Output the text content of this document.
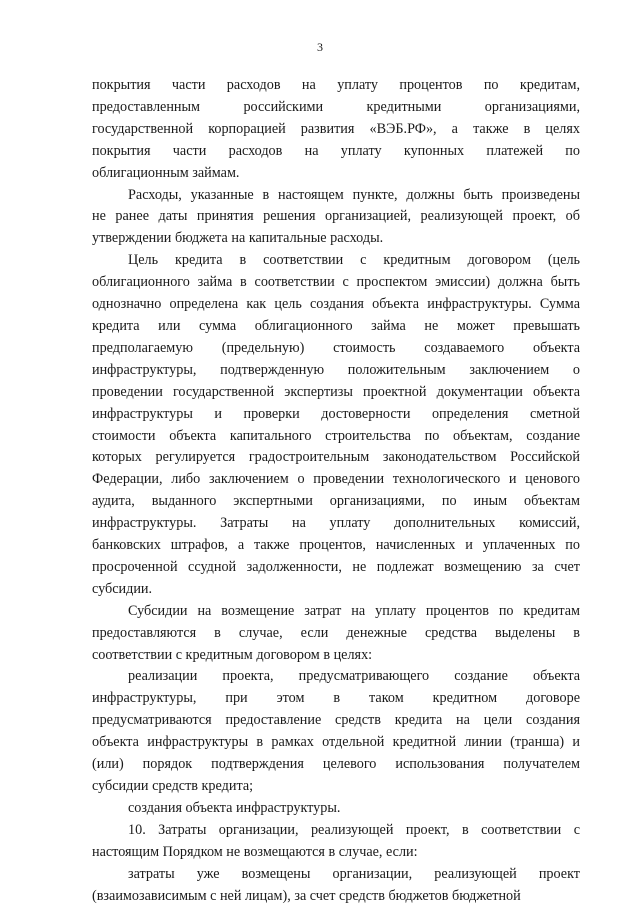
3
покрытия части расходов на уплату процентов по кредитам,
предоставленным российскими кредитными организациями,
государственной корпорацией развития «ВЭБ.РФ», а также в целях
покрытия части расходов на уплату купонных платежей по
облигационным займам.
Расходы, указанные в настоящем пункте, должны быть произведены
не ранее даты принятия решения организацией, реализующей проект, об
утверждении бюджета на капитальные расходы.
Цель кредита в соответствии с кредитным договором (цель
облигационного займа в соответствии с проспектом эмиссии) должна быть
однозначно определена как цель создания объекта инфраструктуры. Сумма
кредита или сумма облигационного займа не может превышать
предполагаемую (предельную) стоимость создаваемого объекта
инфраструктуры, подтвержденную положительным заключением о
проведении государственной экспертизы проектной документации объекта
инфраструктуры и проверки достоверности определения сметной
стоимости объекта капитального строительства по объектам, создание
которых регулируется градостроительным законодательством Российской
Федерации, либо заключением о проведении технологического и ценового
аудита, выданного экспертными организациями, по иным объектам
инфраструктуры. Затраты на уплату дополнительных комиссий,
банковских штрафов, а также процентов, начисленных и уплаченных по
просроченной ссудной задолженности, не подлежат возмещению за счет
субсидии.
Субсидии на возмещение затрат на уплату процентов по кредитам
предоставляются в случае, если денежные средства выделены в
соответствии с кредитным договором в целях:
реализации проекта, предусматривающего создание объекта
инфраструктуры, при этом в таком кредитном договоре
предусматриваются предоставление средств кредита на цели создания
объекта инфраструктуры в рамках отдельной кредитной линии (транша) и
(или) порядок подтверждения целевого использования получателем
субсидии средств кредита;
создания объекта инфраструктуры.
10. Затраты организации, реализующей проект, в соответствии с
настоящим Порядком не возмещаются в случае, если:
затраты уже возмещены организации, реализующей проект
(взаимозависимым с ней лицам), за счет средств бюджетов бюджетной
